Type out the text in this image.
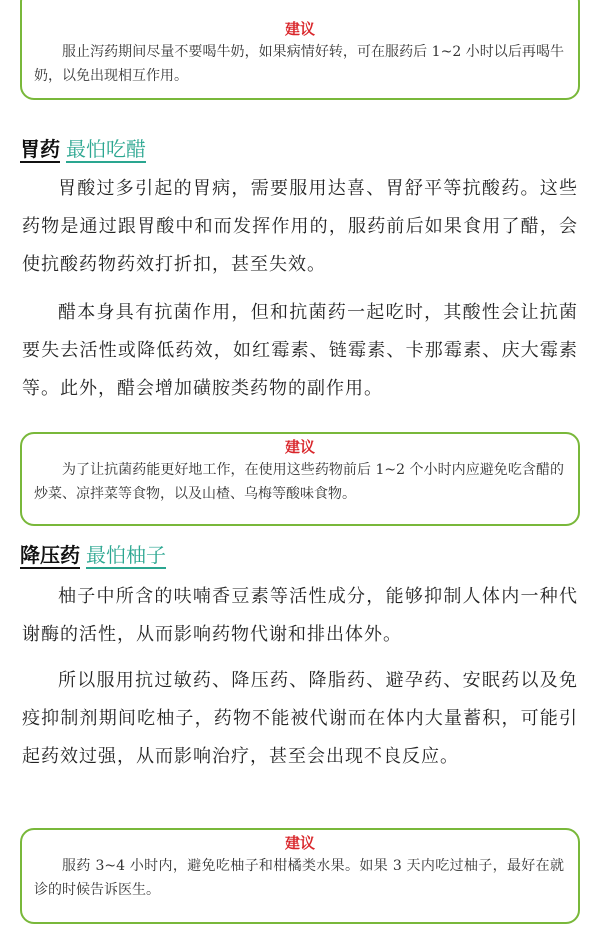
建议

服止泻药期间尽量不要喝牛奶，如果病情好转，可在服药后 1~2 小时以后再喝牛奶，以免出现相互作用。

胃药 最怕吃醋

胃酸过多引起的胃病，需要服用达喜、胃舒平等抗酸药。这些药物是通过跟胃酸中和而发挥作用的，服药前后如果食用了醋，会使抗酸药物药效打折扣，甚至失效。

醋本身具有抗菌作用，但和抗菌药一起吃时，其酸性会让抗菌要失去活性或降低药效，如红霉素、链霉素、卡那霉素、庆大霉素等。此外，醋会增加磺胺类药物的副作用。

建议

为了让抗菌药能更好地工作，在使用这些药物前后 1~2 个小时内应避免吃含醋的炒菜、凉拌菜等食物，以及山楂、乌梅等酸味食物。

降压药 最怕柚子

柚子中所含的呋喃香豆素等活性成分，能够抑制人体内一种代谢酶的活性，从而影响药物代谢和排出体外。

所以服用抗过敏药、降压药、降脂药、避孕药、安眠药以及免疫抑制剂期间吃柚子，药物不能被代谢而在体内大量蓄积，可能引起药效过强，从而影响治疗，甚至会出现不良反应。

建议

服药 3~4 小时内，避免吃柚子和柑橘类水果。如果 3 天内吃过柚子，最好在就诊的时候告诉医生。
